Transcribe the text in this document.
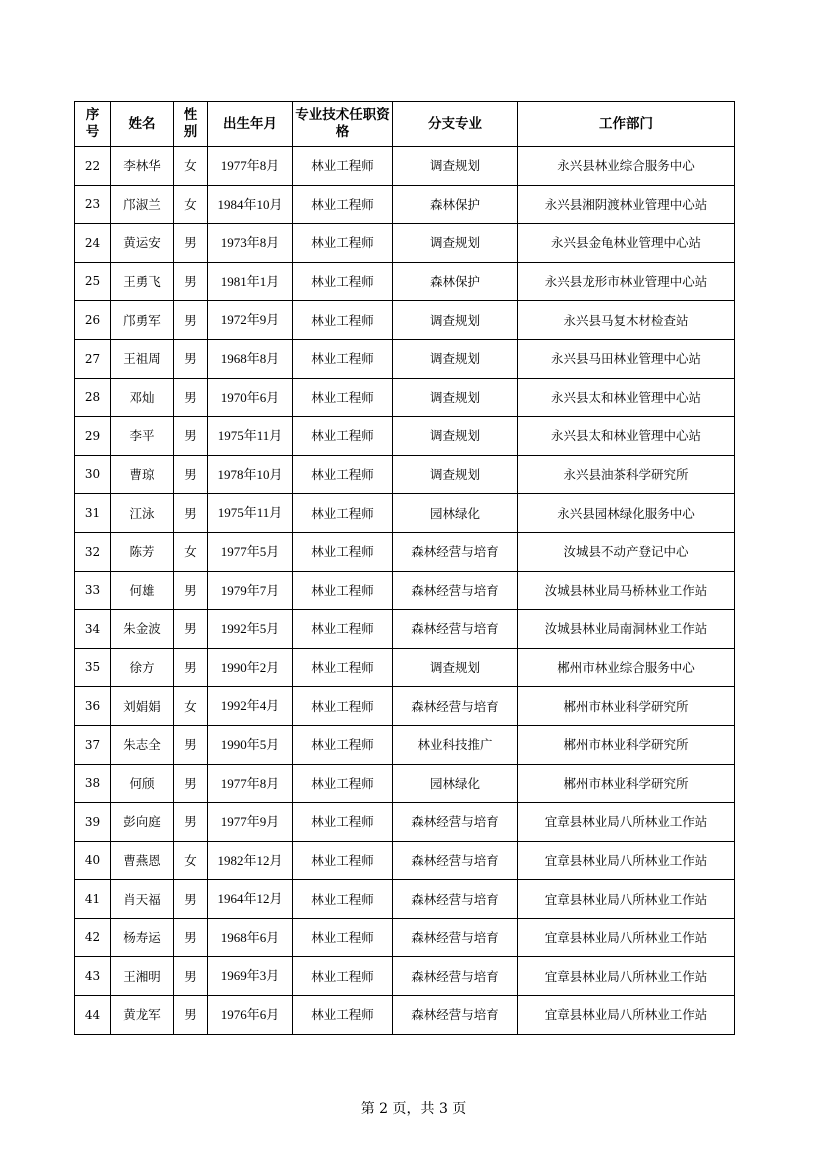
序号	姓名	性别	出生年月	专业技术任职资格	分支专业	工作部门
22	李林华	女	1977年8月	林业工程师	调查规划	永兴县林业综合服务中心
23	邝淑兰	女	1984年10月	林业工程师	森林保护	永兴县湘阴渡林业管理中心站
24	黄运安	男	1973年8月	林业工程师	调查规划	永兴县金龟林业管理中心站
25	王勇飞	男	1981年1月	林业工程师	森林保护	永兴县龙形市林业管理中心站
26	邝勇军	男	1972年9月	林业工程师	调查规划	永兴县马复木材检查站
27	王祖周	男	1968年8月	林业工程师	调查规划	永兴县马田林业管理中心站
28	邓灿	男	1970年6月	林业工程师	调查规划	永兴县太和林业管理中心站
29	李平	男	1975年11月	林业工程师	调查规划	永兴县太和林业管理中心站
30	曹琼	男	1978年10月	林业工程师	调查规划	永兴县油茶科学研究所
31	江泳	男	1975年11月	林业工程师	园林绿化	永兴县园林绿化服务中心
32	陈芳	女	1977年5月	林业工程师	森林经营与培育	汝城县不动产登记中心
33	何雄	男	1979年7月	林业工程师	森林经营与培育	汝城县林业局马桥林业工作站
34	朱金波	男	1992年5月	林业工程师	森林经营与培育	汝城县林业局南洞林业工作站
35	徐方	男	1990年2月	林业工程师	调查规划	郴州市林业综合服务中心
36	刘娟娟	女	1992年4月	林业工程师	森林经营与培育	郴州市林业科学研究所
37	朱志全	男	1990年5月	林业工程师	林业科技推广	郴州市林业科学研究所
38	何颀	男	1977年8月	林业工程师	园林绿化	郴州市林业科学研究所
39	彭向庭	男	1977年9月	林业工程师	森林经营与培育	宜章县林业局八所林业工作站
40	曹燕恩	女	1982年12月	林业工程师	森林经营与培育	宜章县林业局八所林业工作站
41	肖天福	男	1964年12月	林业工程师	森林经营与培育	宜章县林业局八所林业工作站
42	杨寿运	男	1968年6月	林业工程师	森林经营与培育	宜章县林业局八所林业工作站
43	王湘明	男	1969年3月	林业工程师	森林经营与培育	宜章县林业局八所林业工作站
44	黄龙军	男	1976年6月	林业工程师	森林经营与培育	宜章县林业局八所林业工作站
第 2 页，共 3 页
